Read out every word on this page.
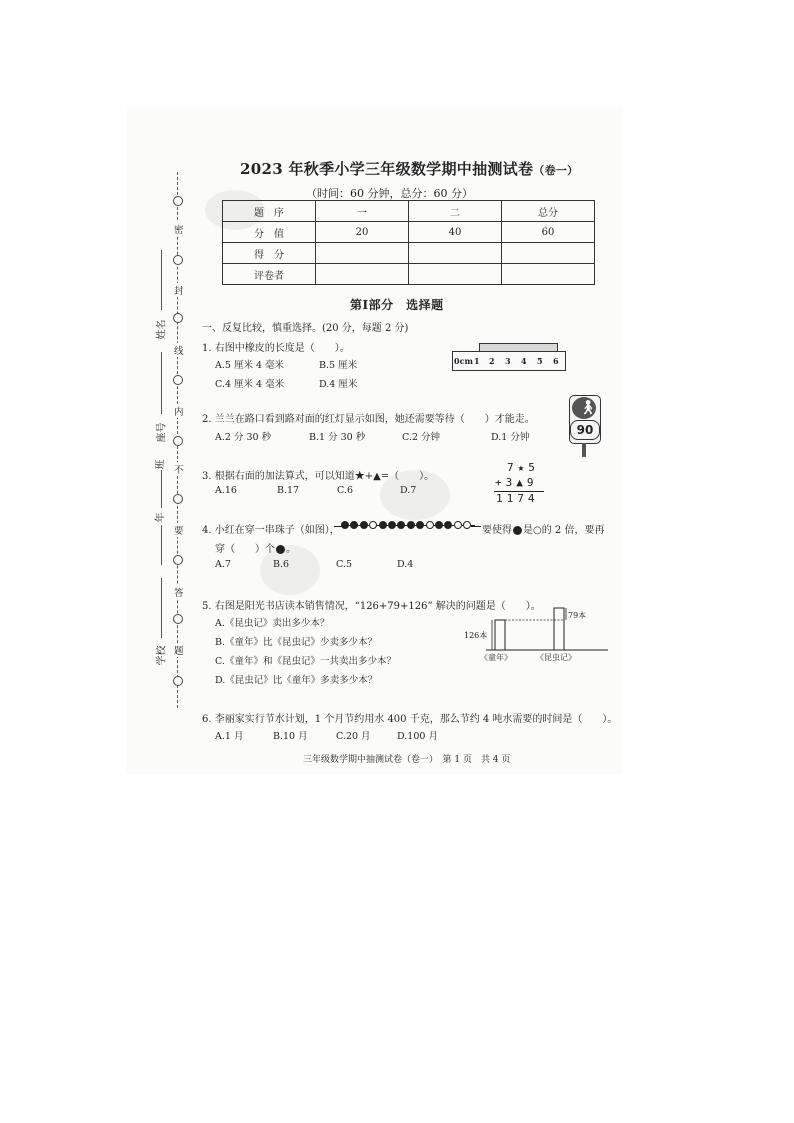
密
封
线
内
不
要
答
题
姓名
座号
班
年
学校
2023 年秋季小学三年级数学期中抽测试卷（卷一）
（时间：60 分钟，总分：60 分）
题　序	一	二	总分
分　值	20	40	60
得　分			
评卷者			
第Ⅰ部分　选择题
一、反复比较，慎重选择。(20 分，每题 2 分)
1. 右图中橡皮的长度是（　　）。
A.5 厘米 4 毫米	B.5 厘米
C.4 厘米 4 毫米	D.4 厘米
0cm 1 2 3 4 5 6
2. 兰兰在路口看到路对面的红灯显示如图，她还需要等待（　　）才能走。
A.2 分 30 秒	B.1 分 30 秒	C.2 分钟	D.1 分钟
🚶︎
90
3. 根据右面的加法算式，可以知道★+▲=（　　）。
A.16	B.17	C.6	D.7
7★5
+3▲9
1174
4. 小红在穿一串珠子（如图），	要使得 是○的 2 倍，要再
穿（　　）个 。
A.7	B.6	C.5	D.4
5. 右图是阳光书店读本销售情况，“126+79+126” 解决的问题是（　　）。
A.《昆虫记》卖出多少本？
B.《童年》比《昆虫记》少卖多少本？
C.《童年》和《昆虫记》一共卖出多少本？
D.《昆虫记》比《童年》多卖多少本？
126本
79本
《童年》	《昆虫记》
6. 李丽家实行节水计划，1 个月节约用水 400 千克，那么节约 4 吨水需要的时间是（　　）。
A.1 月	B.10 月	C.20 月	D.100 月
三年级数学期中抽测试卷（卷一）　第 1 页　共 4 页
